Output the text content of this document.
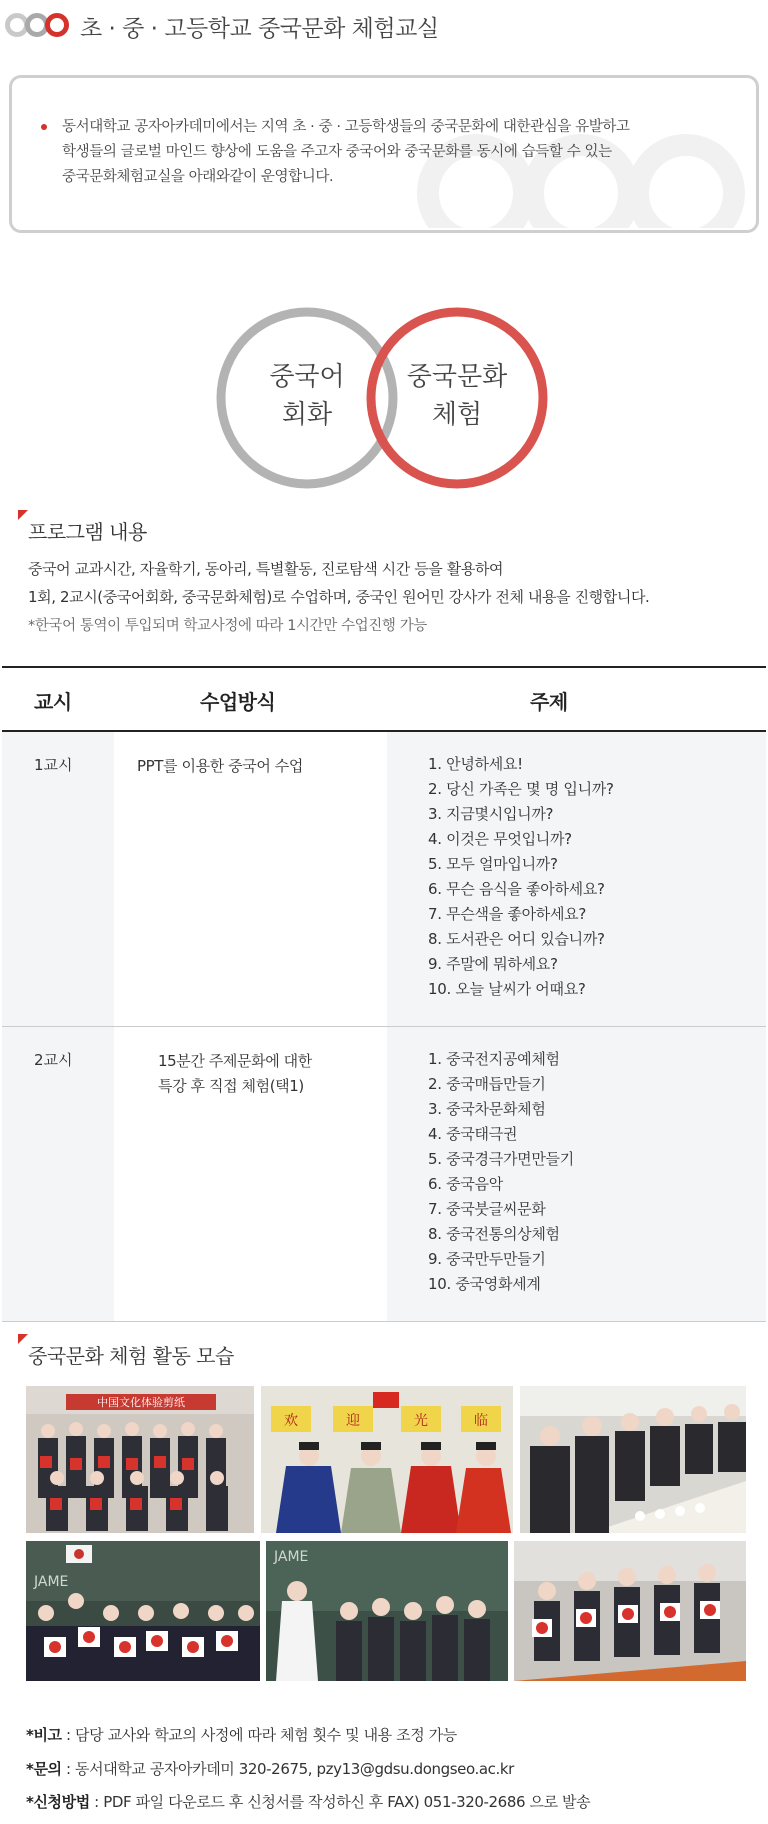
초 · 중 · 고등학교 중국문화 체험교실
동서대학교 공자아카데미에서는 지역 초 · 중 · 고등학생들의 중국문화에 대한관심을 유발하고
학생들의 글로벌 마인드 향상에 도움을 주고자 중국어와 중국문화를 동시에 습득할 수 있는
중국문화체험교실을 아래와같이 운영합니다.
중국어
회화
중국문화
체험
프로그램 내용
중국어 교과시간, 자율학기, 동아리, 특별활동, 진로탐색 시간 등을 활용하여
1회, 2교시(중국어회화, 중국문화체험)로 수업하며, 중국인 원어민 강사가 전체 내용을 진행합니다.
*한국어 통역이 투입되며 학교사정에 따라 1시간만 수업진행 가능
교시	수업방식	주제
1교시	PPT를 이용한 중국어 수업	1. 안녕하세요!
2. 당신 가족은 몇 명 입니까?
3. 지금몇시입니까?
4. 이것은 무엇입니까?
5. 모두 얼마입니까?
6. 무슨 음식을 좋아하세요?
7. 무슨색을 좋아하세요?
8. 도서관은 어디 있습니까?
9. 주말에 뭐하세요?
10. 오늘 날씨가 어때요?
2교시	15분간 주제문화에 대한
특강 후 직접 체험(택1)
1. 중국전지공예체험
2. 중국매듭만들기
3. 중국차문화체험
4. 중국태극권
5. 중국경극가면만들기
6. 중국음악
7. 중국붓글씨문화
8. 중국전통의상체험
9. 중국만두만들기
10. 중국영화세계
중국문화 체험 활동 모습
中国文化体验剪纸
欢	迎	光	临
JAME
JAME
*비고 : 담당 교사와 학교의 사정에 따라 체험 횟수 및 내용 조정 가능
*문의 : 동서대학교 공자아카데미 320-2675, pzy13@gdsu.dongseo.ac.kr
*신청방법 : PDF 파일 다운로드 후 신청서를 작성하신 후 FAX) 051-320-2686 으로 발송
